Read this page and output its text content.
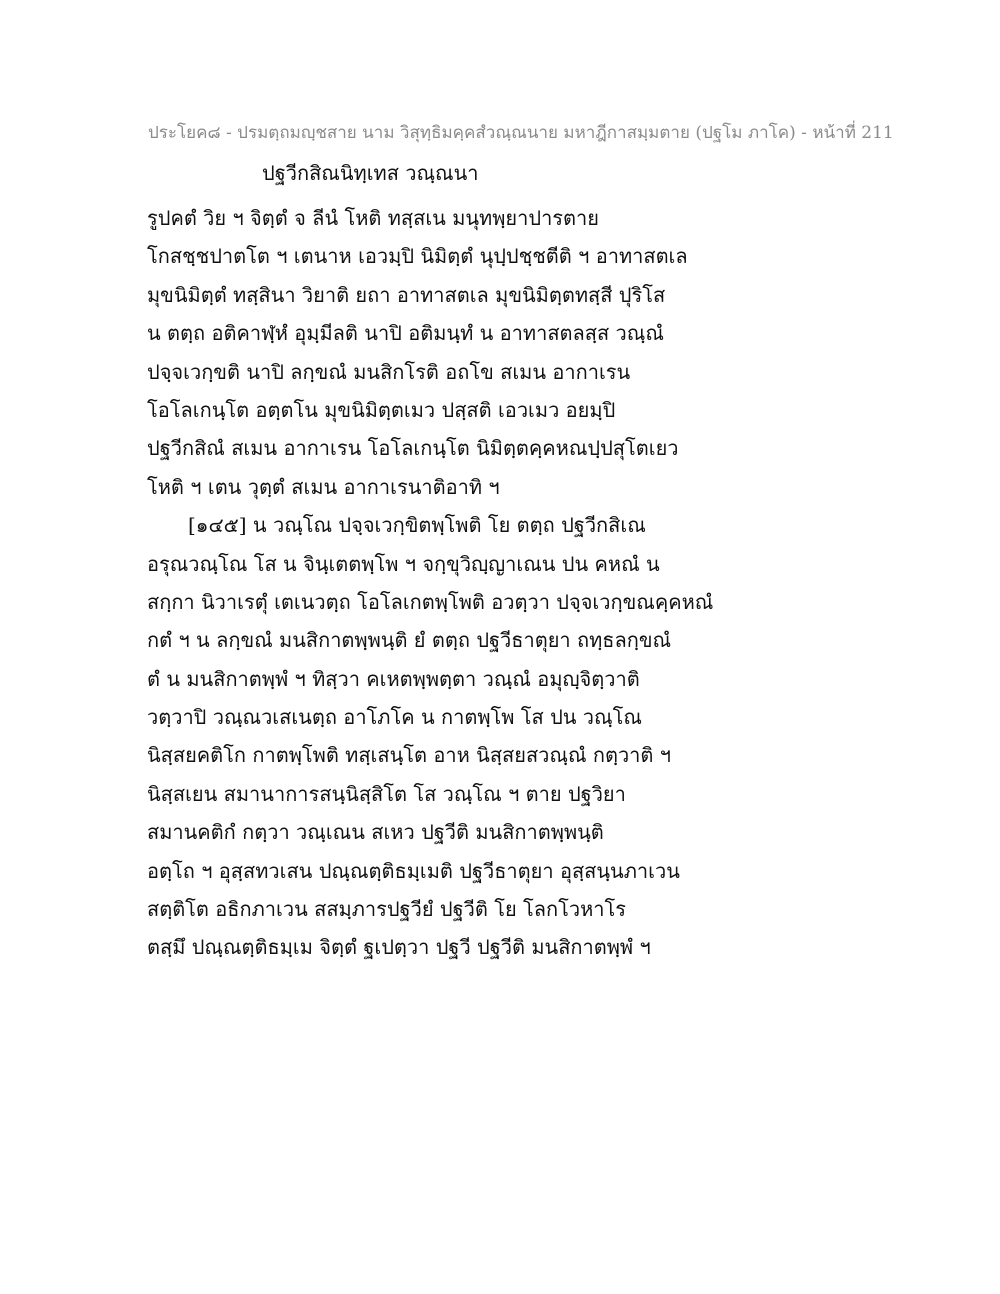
ประโยค๘ - ปรมตฺถมญฺชสาย นาม วิสุทฺธิมคฺคสํวณฺณนาย มหาฎีกาสมฺมตาย (ปฐโม ภาโค) - หน้าที่ 211
ปฐวีกสิณนิทฺเทส วณฺณนา
รูปคตํ วิย ฯ จิตฺตํ จ ลีนํ โหติ ทสฺสเน มนุทพฺยาปารตาย
โกสชฺชปาตโต ฯ เตนาห เอวมฺปิ นิมิตฺตํ นุปฺปชฺชตีติ ฯ อาทาสตเล
มุขนิมิตฺตํ ทสฺสินา วิยาติ ยถา อาทาสตเล มุขนิมิตฺตทสฺสี ปุริโส
น ตตฺถ อติคาฬฺหํ อุมฺมีลติ นาปิ อติมนฺทํ น อาทาสตลสฺส วณฺณํ
ปจฺจเวกฺขติ นาปิ ลกฺขณํ มนสิกโรติ อถโข สเมน อากาเรน
โอโลเกนฺโต อตฺตโน มุขนิมิตฺตเมว ปสฺสติ เอวเมว อยมฺปิ
ปฐวีกสิณํ สเมน อากาเรน โอโลเกนฺโต นิมิตฺตคฺคหณปฺปสุโตเยว
โหติ ฯ เตน วุตฺตํ สเมน อากาเรนาติอาทิ ฯ
[๑๔๕] น วณฺโณ ปจฺจเวกฺขิตพฺโพติ โย ตตฺถ ปฐวีกสิเณ
อรุณวณฺโณ โส น จินฺเตตพฺโพ ฯ จกฺขุวิญฺญาเณน ปน คหณํ น
สกฺกา นิวาเรตุํ เตเนวตฺถ โอโลเกตพฺโพติ อวตฺวา ปจฺจเวกฺขณคฺคหณํ
กตํ ฯ น ลกฺขณํ มนสิกาตพฺพนฺติ ยํ ตตฺถ ปฐวีธาตุยา ถทฺธลกฺขณํ
ตํ น มนสิกาตพฺพํ ฯ ทิสฺวา คเหตพฺพตฺตา วณฺณํ อมุญฺจิตฺวาติ
วตฺวาปิ วณฺณวเสเนตฺถ อาโภโค น กาตพฺโพ โส ปน วณฺโณ
นิสฺสยคติโก กาตพฺโพติ ทสฺเสนฺโต อาห นิสฺสยสวณฺณํ กตฺวาติ ฯ
นิสฺสเยน สมานาการสนฺนิสฺสิโต โส วณฺโณ ฯ ตาย ปฐวิยา
สมานคติกํ กตฺวา วณฺเณน สเหว ปฐวีติ มนสิกาตพฺพนฺติ
อตฺโถ ฯ อุสฺสทวเสน ปณฺณตฺติธมฺเมติ ปฐวีธาตุยา อุสฺสนฺนภาเวน
สตฺติโต อธิกภาเวน สสมฺภารปฐวียํ ปฐวีติ โย โลกโวหาโร
ตสฺมึ ปณฺณตฺติธมฺเม จิตฺตํ ฐเปตฺวา ปฐวี ปฐวีติ มนสิกาตพฺพํ ฯ
